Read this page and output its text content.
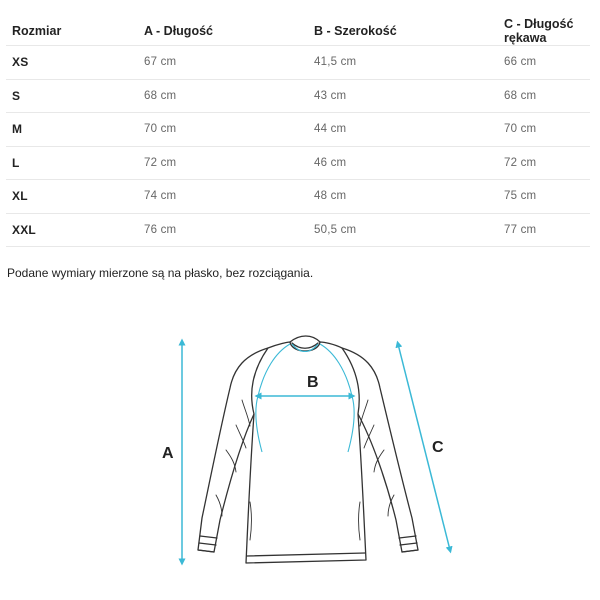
Rozmiar	A - Długość	B - Szerokość	C - Długość rękawa
XS	67 cm	41,5 cm	66 cm
S	68 cm	43 cm	68 cm
M	70 cm	44 cm	70 cm
L	72 cm	46 cm	72 cm
XL	74 cm	48 cm	75 cm
XXL	76 cm	50,5 cm	77 cm
Podane wymiary mierzone są na płasko, bez rozciągania.
A
B
C
